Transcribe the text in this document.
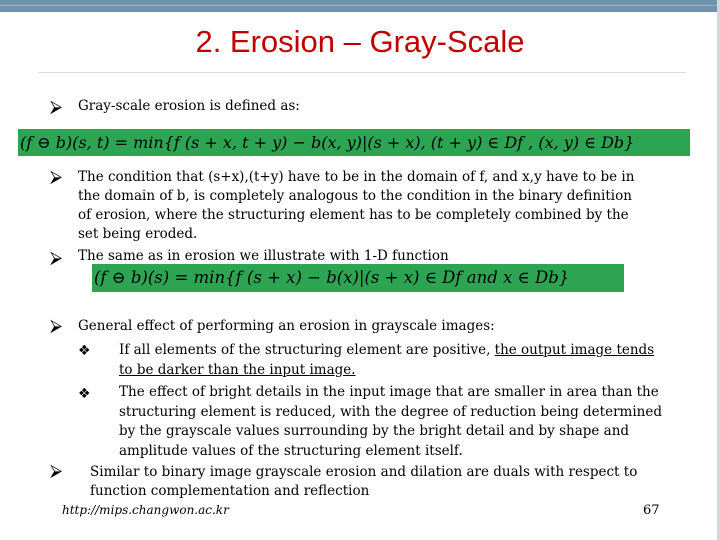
2. Erosion – Gray-Scale
⮚ Gray-scale erosion is defined as:
(f ⊖ b)(s, t) = min{f (s + x, t + y) − b(x, y)|(s + x), (t + y) ∈ Df , (x, y) ∈ Db}
⮚ The condition that (s+x),(t+y) have to be in the domain of f, and x,y have to be in the domain of b, is completely analogous to the condition in the binary definition of erosion, where the structuring element has to be completely combined by the set being eroded.
⮚ The same as in erosion we illustrate with 1-D function
(f ⊖ b)(s) = min{f (s + x) − b(x)|(s + x) ∈ Df and x ∈ Db}
⮚ General effect of performing an erosion in grayscale images:
❖ If all elements of the structuring element are positive, the output image tends to be darker than the input image.
❖ The effect of bright details in the input image that are smaller in area than the structuring element is reduced, with the degree of reduction being determined by the grayscale values surrounding by the bright detail and by shape and amplitude values of the structuring element itself.
⮚ Similar to binary image grayscale erosion and dilation are duals with respect to function complementation and reflection
http://mips.changwon.ac.kr	67
